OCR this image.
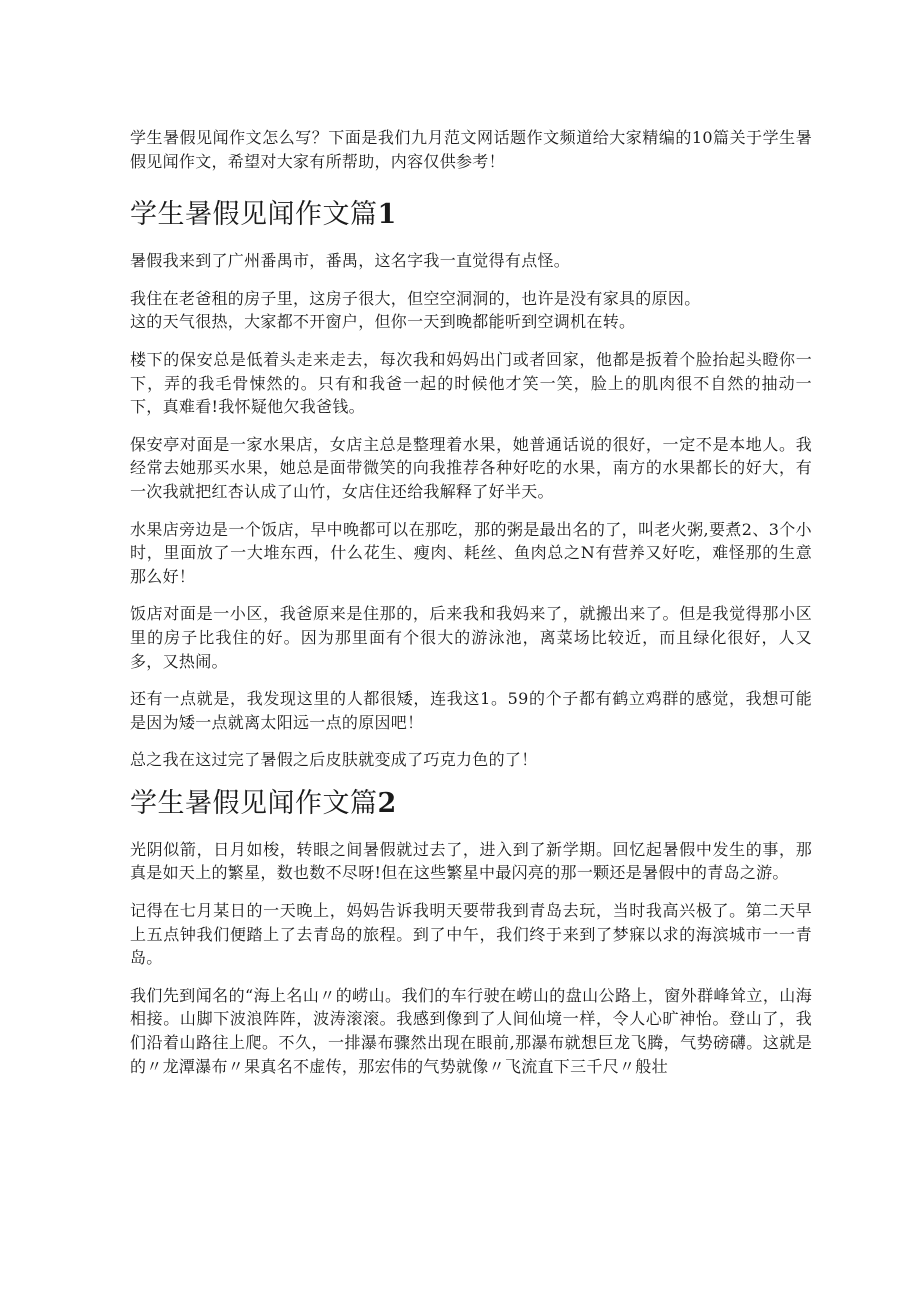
学生暑假见闻作文怎么写？下面是我们九月范文网话题作文频道给大家精编的10篇关于学生暑假见闻作文，希望对大家有所帮助，内容仅供参考！

学生暑假见闻作文篇1

暑假我来到了广州番禺市，番禺，这名字我一直觉得有点怪。

我住在老爸租的房子里，这房子很大，但空空洞洞的，也许是没有家具的原因。

这的天气很热，大家都不开窗户，但你一天到晚都能听到空调机在转。

楼下的保安总是低着头走来走去，每次我和妈妈出门或者回家，他都是扳着个脸抬起头瞪你一下，弄的我毛骨悚然的。只有和我爸一起的时候他才笑一笑，脸上的肌肉很不自然的抽动一下，真难看!我怀疑他欠我爸钱。

保安亭对面是一家水果店，女店主总是整理着水果，她普通话说的很好，一定不是本地人。我经常去她那买水果，她总是面带微笑的向我推荐各种好吃的水果，南方的水果都长的好大，有一次我就把红杏认成了山竹，女店住还给我解释了好半天。

水果店旁边是一个饭店，早中晚都可以在那吃，那的粥是最出名的了，叫老火粥,要煮2、3个小时，里面放了一大堆东西，什么花生、瘦肉、耗丝、鱼肉总之N有营养又好吃，难怪那的生意那么好！

饭店对面是一小区，我爸原来是住那的，后来我和我妈来了，就搬出来了。但是我觉得那小区里的房子比我住的好。因为那里面有个很大的游泳池，离菜场比较近，而且绿化很好，人又多，又热闹。

还有一点就是，我发现这里的人都很矮，连我这1。59的个子都有鹤立鸡群的感觉，我想可能是因为矮一点就离太阳远一点的原因吧！

总之我在这过完了暑假之后皮肤就变成了巧克力色的了！

学生暑假见闻作文篇2

光阴似箭，日月如梭，转眼之间暑假就过去了，进入到了新学期。回忆起暑假中发生的事，那真是如天上的繁星，数也数不尽呀!但在这些繁星中最闪亮的那一颗还是暑假中的青岛之游。

记得在七月某日的一天晚上，妈妈告诉我明天要带我到青岛去玩，当时我高兴极了。第二天早上五点钟我们便踏上了去青岛的旅程。到了中午，我们终于来到了梦寐以求的海滨城市一一青岛。

我们先到闻名的“海上名山〃的崂山。我们的车行驶在崂山的盘山公路上，窗外群峰耸立，山海相接。山脚下波浪阵阵，波涛滚滚。我感到像到了人间仙境一样，令人心旷神怡。登山了，我们沿着山路往上爬。不久，一排瀑布骤然出现在眼前,那瀑布就想巨龙飞腾，气势磅礴。这就是的〃龙潭瀑布〃果真名不虚传，那宏伟的气势就像〃飞流直下三千尺〃般壮
